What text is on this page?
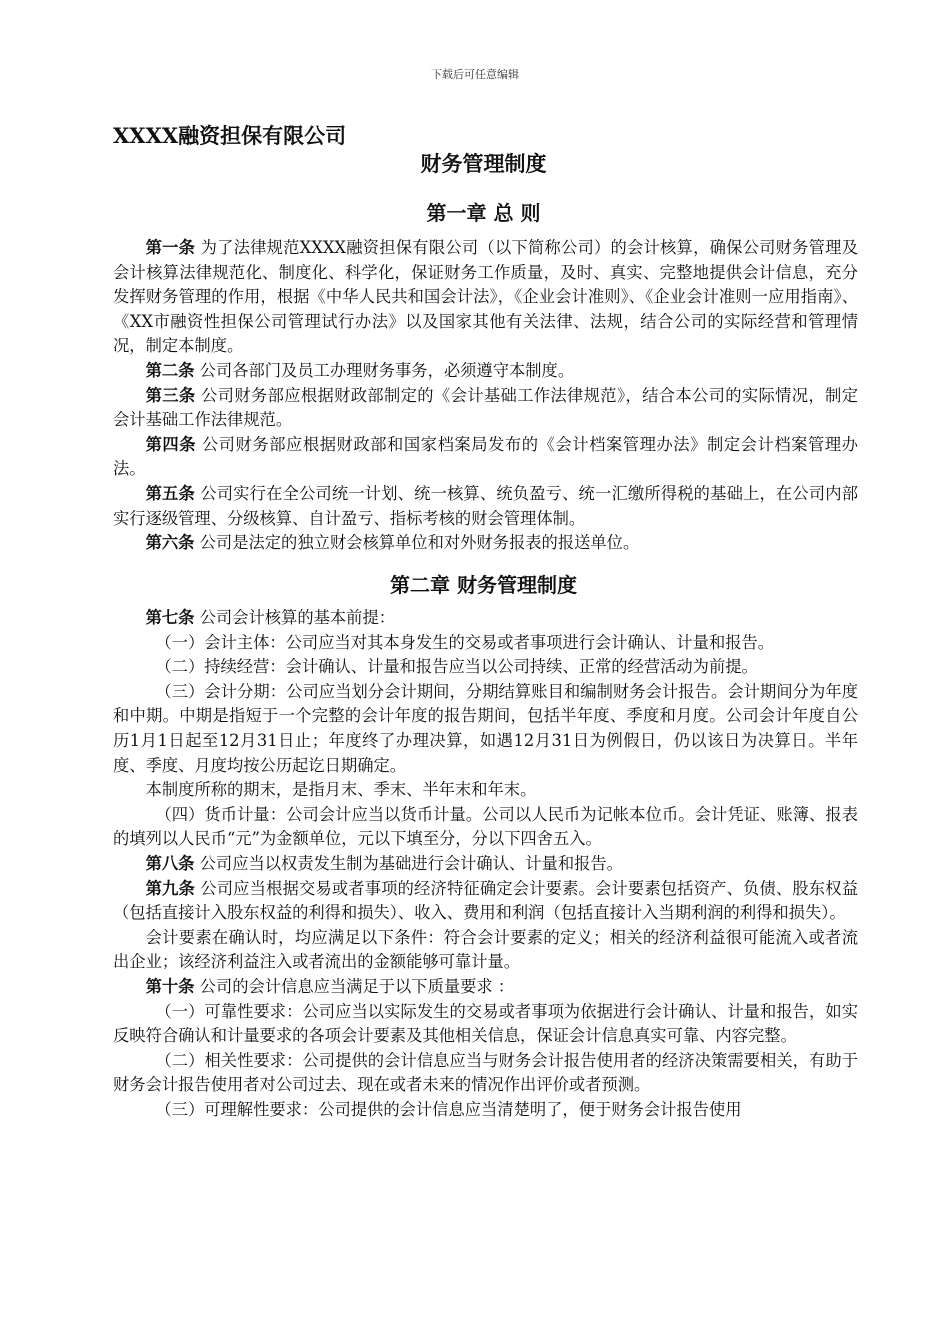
下载后可任意编辑
XXXX融资担保有限公司
财务管理制度
第一章 总 则

第一条 为了法律规范XXXX融资担保有限公司（以下简称公司）的会计核算，确保公司财务管理及会计核算法律规范化、制度化、科学化，保证财务工作质量，及时、真实、完整地提供会计信息，充分发挥财务管理的作用，根据《中华人民共和国会计法》，《企业会计准则》、《企业会计准则一应用指南》、《XX市融资性担保公司管理试行办法》以及国家其他有关法律、法规，结合公司的实际经营和管理情况，制定本制度。

第二条 公司各部门及员工办理财务事务，必须遵守本制度。

第三条 公司财务部应根据财政部制定的《会计基础工作法律规范》，结合本公司的实际情况，制定会计基础工作法律规范。

第四条 公司财务部应根据财政部和国家档案局发布的《会计档案管理办法》制定会计档案管理办法。

第五条 公司实行在全公司统一计划、统一核算、统负盈亏、统一汇缴所得税的基础上，在公司内部实行逐级管理、分级核算、自计盈亏、指标考核的财会管理体制。

第六条 公司是法定的独立财会核算单位和对外财务报表的报送单位。

第二章 财务管理制度

第七条 公司会计核算的基本前提：

（一）会计主体：公司应当对其本身发生的交易或者事项进行会计确认、计量和报告。

（二）持续经营：会计确认、计量和报告应当以公司持续、正常的经营活动为前提。

（三）会计分期：公司应当划分会计期间，分期结算账目和编制财务会计报告。会计期间分为年度和中期。中期是指短于一个完整的会计年度的报告期间，包括半年度、季度和月度。公司会计年度自公历1月1日起至12月31日止；年度终了办理决算，如遇12月31日为例假日，仍以该日为决算日。半年度、季度、月度均按公历起讫日期确定。

本制度所称的期末，是指月末、季末、半年末和年末。

（四）货币计量：公司会计应当以货币计量。公司以人民币为记帐本位币。会计凭证、账簿、报表的填列以人民币“元”为金额单位，元以下填至分，分以下四舍五入。

第八条 公司应当以权责发生制为基础进行会计确认、计量和报告。

第九条 公司应当根据交易或者事项的经济特征确定会计要素。会计要素包括资产、负债、股东权益（包括直接计入股东权益的利得和损失）、收入、费用和利润（包括直接计入当期利润的利得和损失）。

会计要素在确认时，均应满足以下条件：符合会计要素的定义；相关的经济利益很可能流入或者流出企业；该经济利益注入或者流出的金额能够可靠计量。

第十条 公司的会计信息应当满足于以下质量要求 ：

（一）可靠性要求：公司应当以实际发生的交易或者事项为依据进行会计确认、计量和报告，如实反映符合确认和计量要求的各项会计要素及其他相关信息，保证会计信息真实可靠、内容完整。

（二）相关性要求：公司提供的会计信息应当与财务会计报告使用者的经济决策需要相关，有助于财务会计报告使用者对公司过去、现在或者未来的情况作出评价或者预测。

（三）可理解性要求：公司提供的会计信息应当清楚明了，便于财务会计报告使用
